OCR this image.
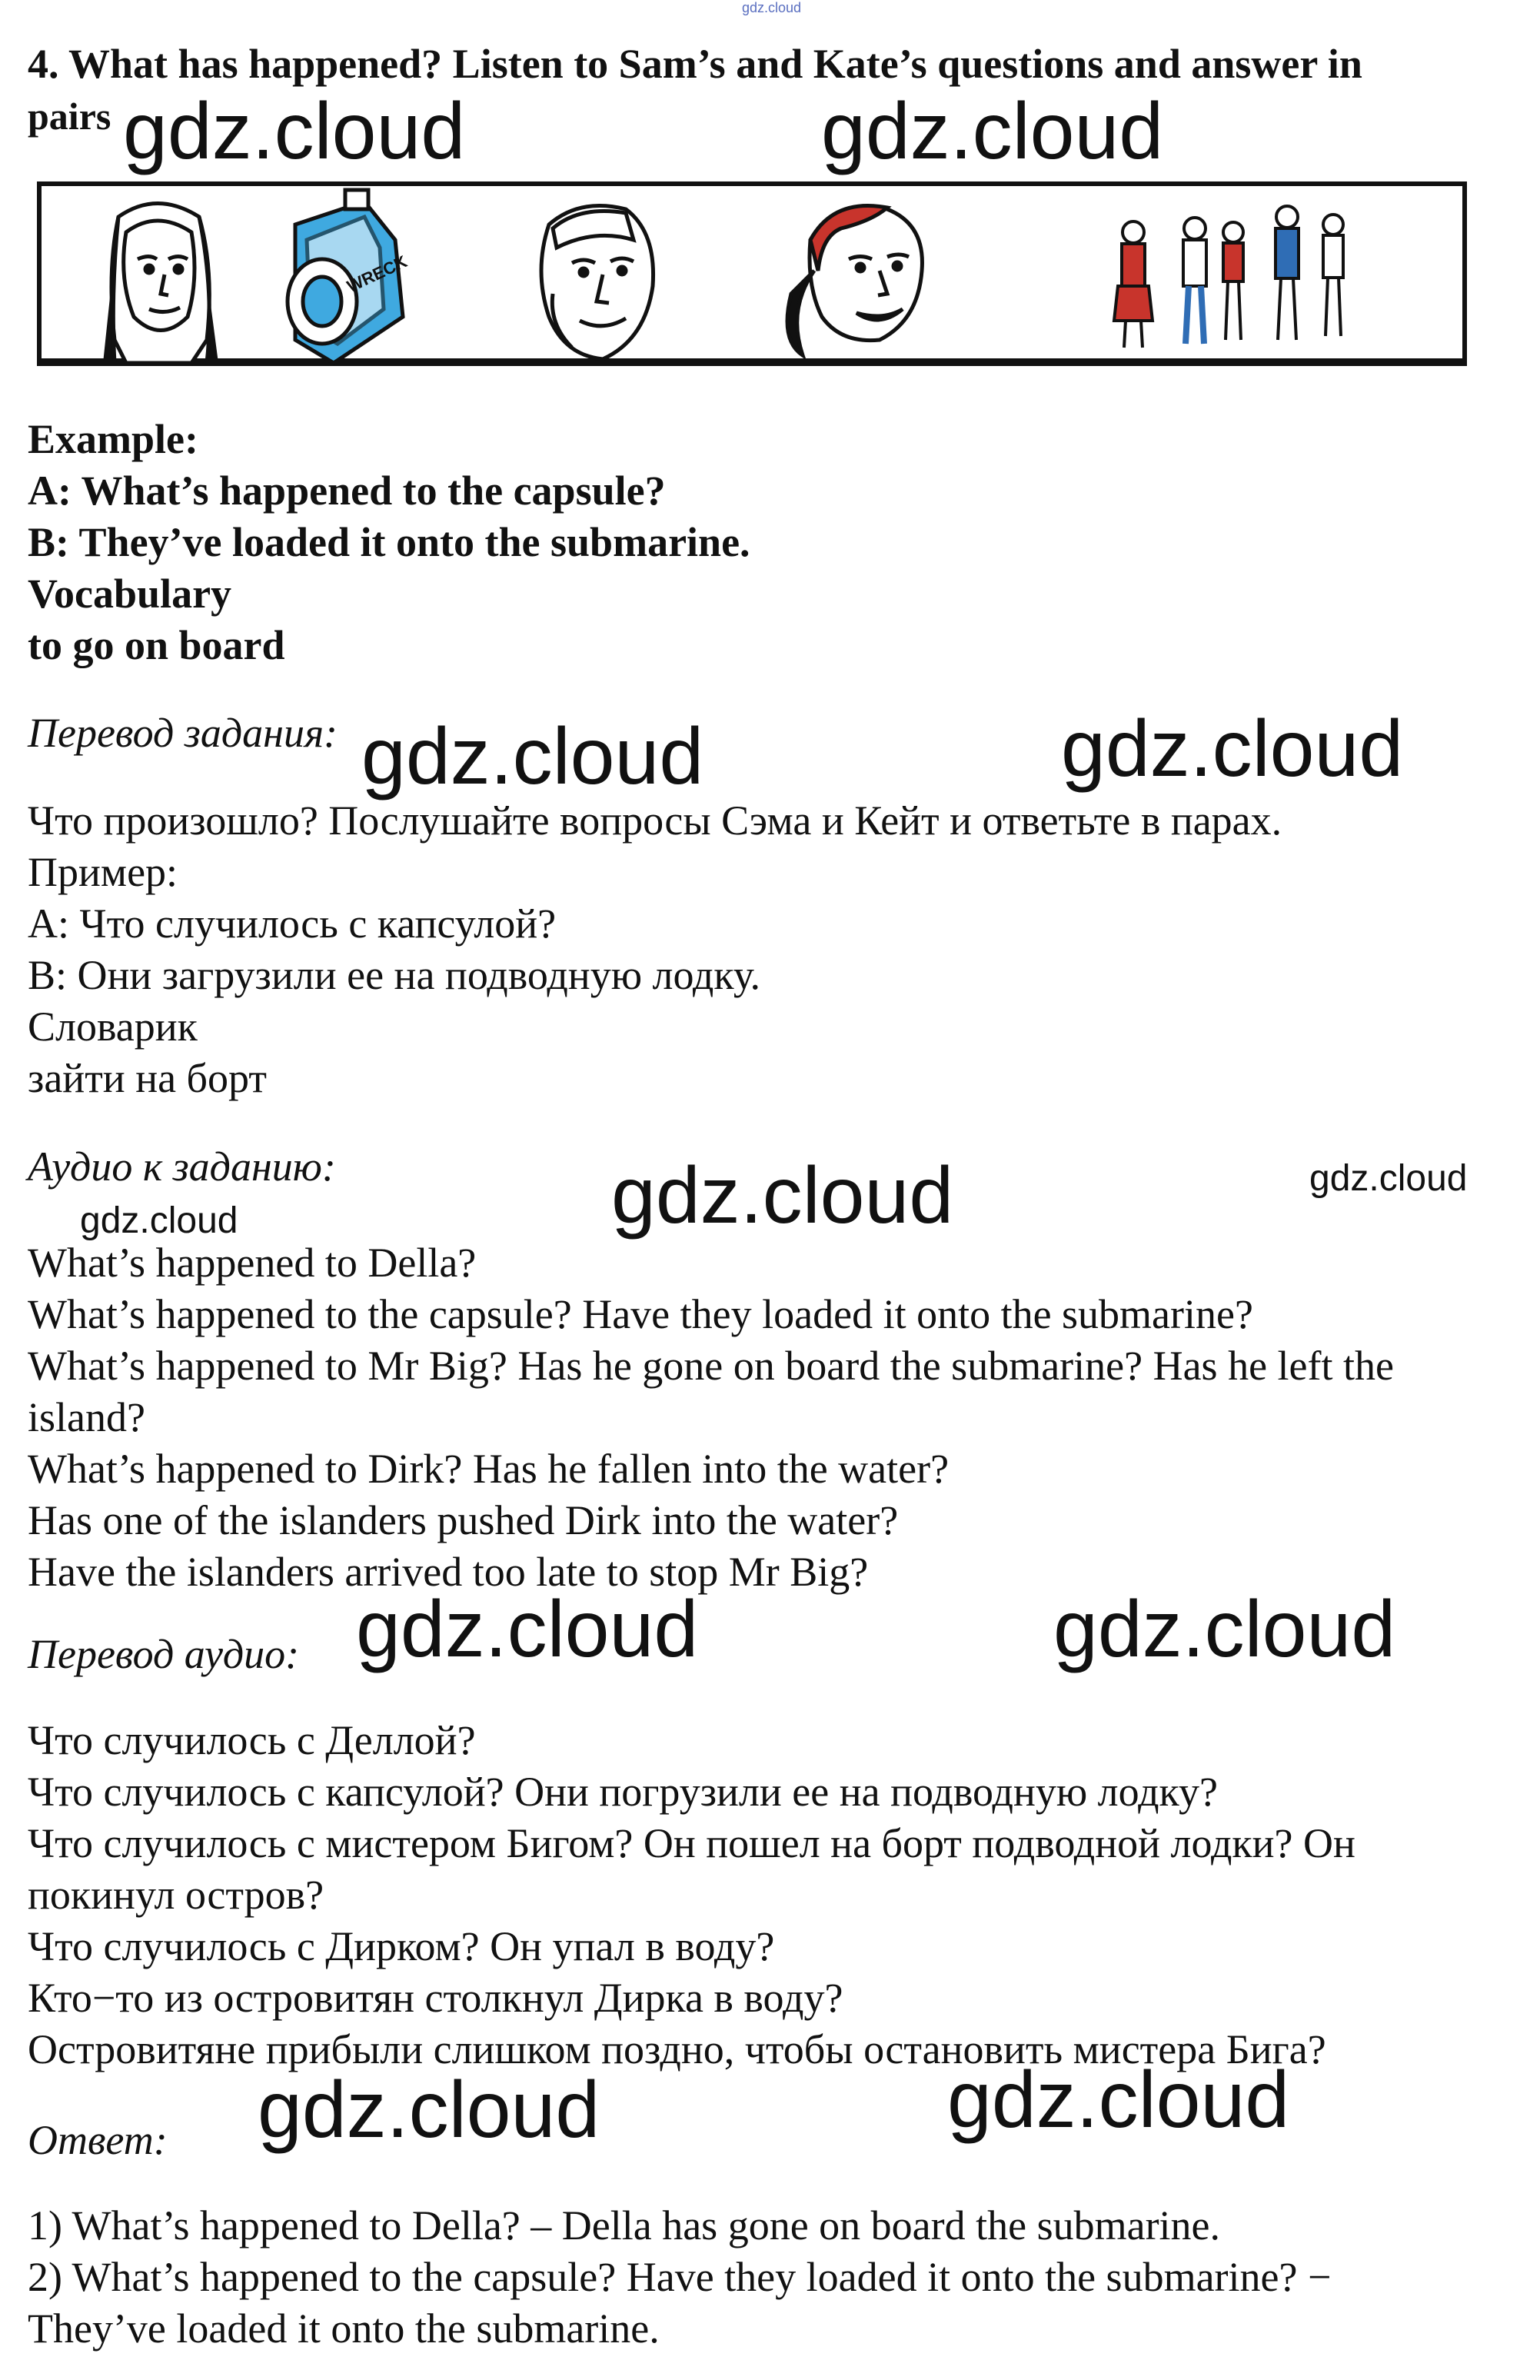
gdz.cloud
4. What has happened? Listen to Sam’s and Kate’s questions and answer in
pairs gdz.cloud	gdz.cloud
WRECK
Example:
A: What’s happened to the capsule?
B: They’ve loaded it onto the submarine.
Vocabulary
to go on board
Перевод задания: gdz.cloud	gdz.cloud
Что произошло? Послушайте вопросы Сэма и Кейт и ответьте в парах.
Пример:
А: Что случилось с капсулой?
В: Они загрузили ее на подводную лодку.
Словарик
зайти на борт
Аудио к заданию:	gdz.cloud	gdz.cloud
gdz.cloud
What’s happened to Della?
What’s happened to the capsule? Have they loaded it onto the submarine?
What’s happened to Mr Big? Has he gone on board the submarine? Has he left the
island?
What’s happened to Dirk? Has he fallen into the water?
Has one of the islanders pushed Dirk into the water?
Have the islanders arrived too late to stop Mr Big?
Перевод аудио: gdz.cloud	gdz.cloud
Что случилось с Деллой?
Что случилось с капсулой? Они погрузили ее на подводную лодку?
Что случилось с мистером Бигом? Он пошел на борт подводной лодки? Он
покинул остров?
Что случилось с Дирком? Он упал в воду?
Кто−то из островитян столкнул Дирка в воду?
Островитяне прибыли слишком поздно, чтобы остановить мистера Бига?
Ответ: gdz.cloud	gdz.cloud
1) What’s happened to Della? – Della has gone on board the submarine.
2) What’s happened to the capsule? Have they loaded it onto the submarine? −
They’ve loaded it onto the submarine.
